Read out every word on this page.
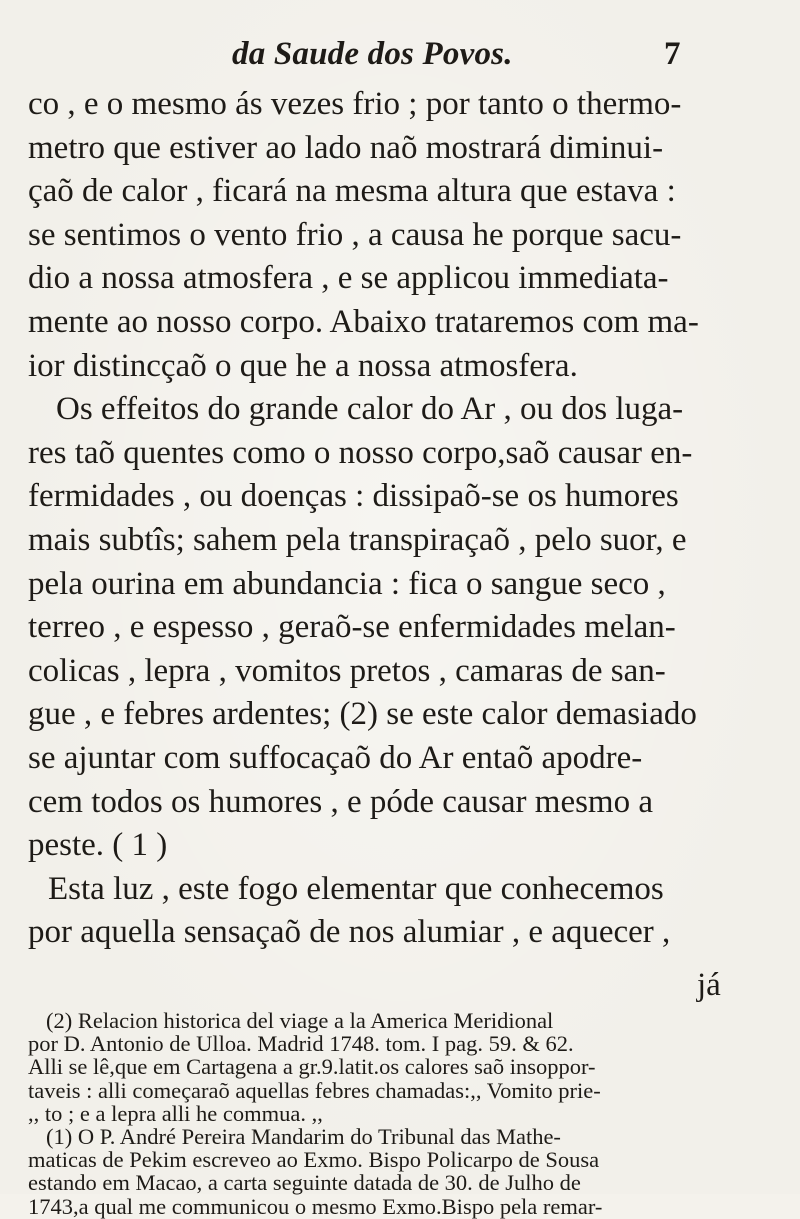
da Saude dos Povos.	7
co , e o mesmo ás vezes frio ; por tanto o thermo-
metro que estiver ao lado naõ mostrará diminui-
çaõ de calor , ficará na mesma altura que estava :
se sentimos o vento frio , a causa he porque sacu-
dio a nossa atmosfera , e se applicou immediata-
mente ao nosso corpo. Abaixo trataremos com ma-
ior distincçaõ o que he a nossa atmosfera.
Os effeitos do grande calor do Ar , ou dos luga-
res taõ quentes como o nosso corpo,saõ causar en-
fermidades , ou doenças : dissipaõ-se os humores
mais subtîs; sahem pela transpiraçaõ , pelo suor, e
pela ourina em abundancia : fica o sangue seco ,
terreo , e espesso , geraõ-se enfermidades melan-
colicas , lepra , vomitos pretos , camaras de san-
gue , e febres ardentes; (2) se este calor demasiado
se ajuntar com suffocaçaõ do Ar entaõ apodre-
cem todos os humores , e póde causar mesmo a
peste. ( 1 )
Esta luz , este fogo elementar que conhecemos
por aquella sensaçaõ de nos alumiar , e aquecer ,
já
(2) Relacion historica del viage a la America Meridional
por D. Antonio de Ulloa. Madrid 1748. tom. I pag. 59. & 62.
Alli se lê,que em Cartagena a gr.9.latit.os calores saõ insoppor-
taveis : alli começaraõ aquellas febres chamadas:,, Vomito prie-
,, to ; e a lepra alli he commua. ,,
(1) O P. André Pereira Mandarim do Tribunal das Mathe-
maticas de Pekim escreveo ao Exmo. Bispo Policarpo de Sousa
estando em Macao, a carta seguinte datada de 30. de Julho de
1743,a qual me communicou o mesmo Exmo.Bispo pela remar-
